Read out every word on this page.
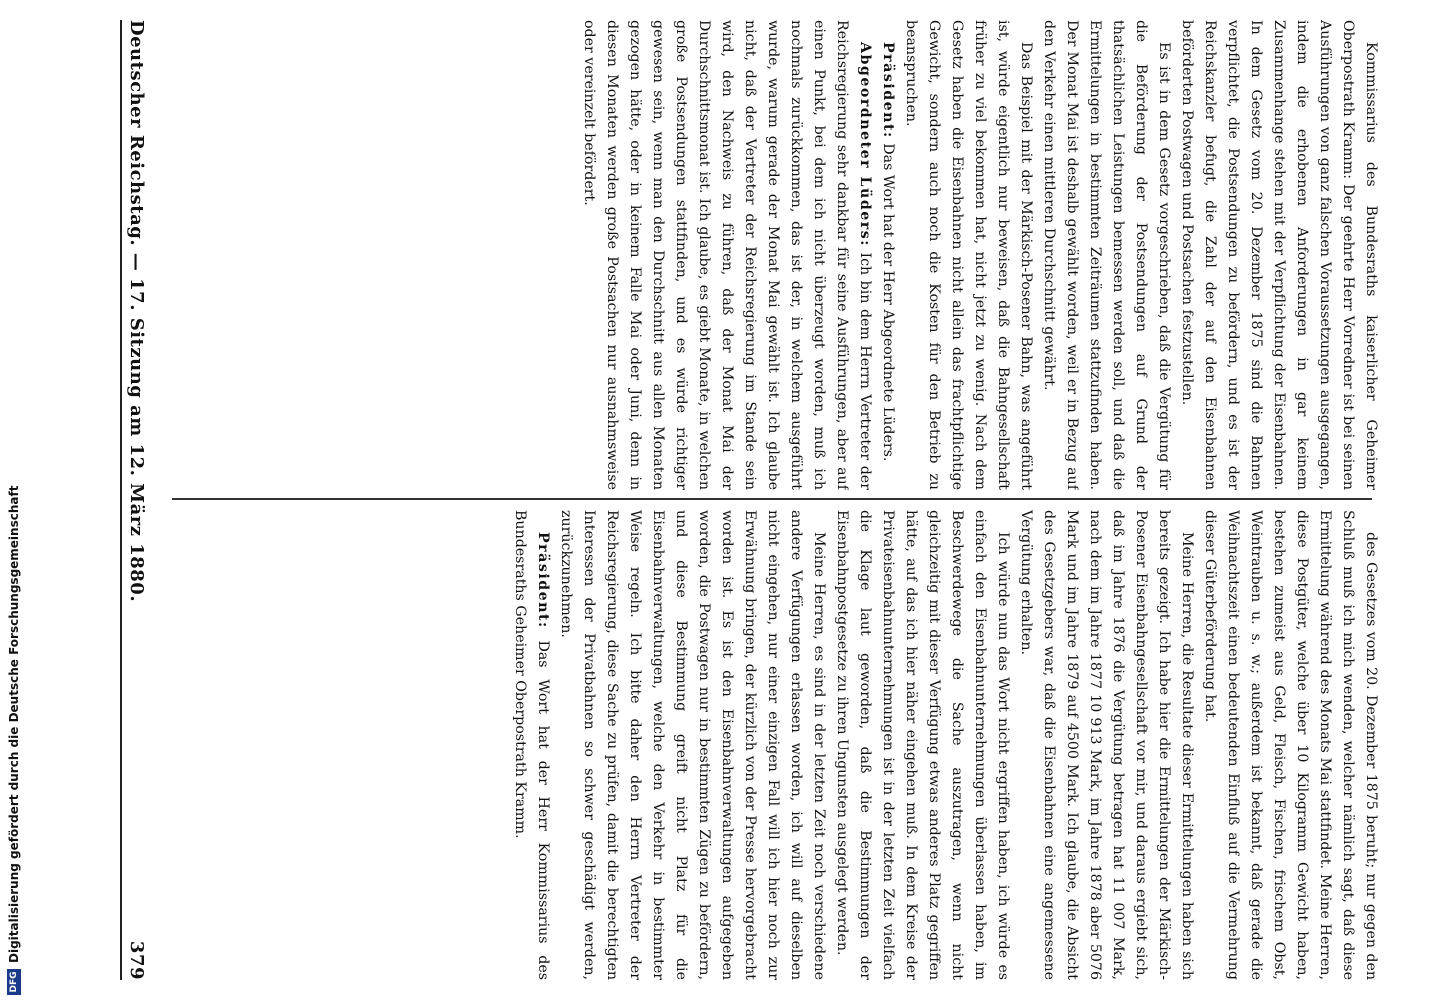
Deutscher Reichstag. — 17. Sitzung am 12. März 1880.
379

Kommissarius des Bundesraths kaiserlicher Geheimer Oberpostrath Kramm: Der geehrte Herr Vorredner ist bei seinen Ausführungen von ganz falschen Voraussetzungen ausgegangen, indem die erhobenen Anforderungen in gar keinem Zusammenhange stehen mit der Verpflichtung der Eisenbahnen. In dem Gesetz vom 20. Dezember 1875 sind die Bahnen verpflichtet, die Postsendungen zu befördern, und es ist der Reichskanzler befugt, die Zahl der auf den Eisenbahnen beförderten Postwagen und Postsachen festzustellen.

Es ist in dem Gesetz vorgeschrieben, daß die Vergütung für die Beförderung der Postsendungen auf Grund der thatsächlichen Leistungen bemessen werden soll, und daß die Ermittelungen in bestimmten Zeiträumen stattzufinden haben. Der Monat Mai ist deshalb gewählt worden, weil er in Bezug auf den Verkehr einen mittleren Durchschnitt gewährt.

Das Beispiel mit der Märkisch-Posener Bahn, was angeführt ist, würde eigentlich nur beweisen, daß die Bahngesellschaft früher zu viel bekommen hat, nicht jetzt zu wenig. Nach dem Gesetz haben die Eisenbahnen nicht allein das frachtpflichtige Gewicht, sondern auch noch die Kosten für den Betrieb zu beanspruchen.

Präsident: Das Wort hat der Herr Abgeordnete Lüders.

Abgeordneter Lüders: Ich bin dem Herrn Vertreter der Reichsregierung sehr dankbar für seine Ausführungen, aber auf einen Punkt, bei dem ich nicht überzeugt worden, muß ich nochmals zurückkommen, das ist der, in welchem ausgeführt wurde, warum gerade der Monat Mai gewählt ist. Ich glaube nicht, daß der Vertreter der Reichsregierung im Stande sein wird, den Nachweis zu führen, daß der Monat Mai der Durchschnittsmonat ist. Ich glaube, es giebt Monate, in welchen große Postsendungen stattfinden, und es würde richtiger gewesen sein, wenn man den Durchschnitt aus allen Monaten gezogen hätte, oder in keinem Falle Mai oder Juni, denn in diesen Monaten werden große Postsachen nur ausnahmsweise oder vereinzelt befördert.

des Gesetzes vom 20. Dezember 1875 beruht; nur gegen den Schluß muß ich mich wenden, welcher nämlich sagt, daß diese Ermittelung während des Monats Mai stattfindet. Meine Herren, diese Postgüter, welche über 10 Kilogramm Gewicht haben, bestehen zumeist aus Geld, Fleisch, Fischen, frischem Obst, Weintrauben u. s. w.; außerdem ist bekannt, daß gerade die Weihnachtszeit einen bedeutenden Einfluß auf die Vermehrung dieser Güterbeförderung hat.

Meine Herren, die Resultate dieser Ermittelungen haben sich bereits gezeigt. Ich habe hier die Ermittelungen der Märkisch-Posener Eisenbahngesellschaft vor mir, und daraus ergiebt sich, daß im Jahre 1876 die Vergütung betragen hat 11 007 Mark, nach dem im Jahre 1877 10 913 Mark, im Jahre 1878 aber 5076 Mark und im Jahre 1879 auf 4500 Mark. Ich glaube, die Absicht des Gesetzgebers war, daß die Eisenbahnen eine angemessene Vergütung erhalten.

Ich würde nun das Wort nicht ergriffen haben, ich würde es einfach den Eisenbahnunternehmungen überlassen haben, im Beschwerdewege die Sache auszutragen, wenn nicht gleichzeitig mit dieser Verfügung etwas anderes Platz gegriffen hätte, auf das ich hier näher eingehen muß. In dem Kreise der Privateisenbahnunternehmungen ist in der letzten Zeit vielfach die Klage laut geworden, daß die Bestimmungen der Eisenbahnpostgesetze zu ihren Ungunsten ausgelegt werden.

Meine Herren, es sind in der letzten Zeit noch verschiedene andere Verfügungen erlassen worden, ich will auf dieselben nicht eingehen, nur einer einzigen Fall will ich hier noch zur Erwähnung bringen, der kürzlich von der Presse hervorgebracht worden ist. Es ist den Eisenbahnverwaltungen aufgegeben worden, die Postwagen nur in bestimmten Zügen zu befördern, und diese Bestimmung greift nicht Platz für die Eisenbahnverwaltungen, welche den Verkehr in bestimmter Weise regeln. Ich bitte daher den Herrn Vertreter der Reichsregierung, diese Sache zu prüfen, damit die berechtigten Interessen der Privatbahnen so schwer geschädigt werden, zurückzunehmen.

Präsident: Das Wort hat der Herr Kommissarius des Bundesraths Geheimer Oberpostrath Kramm.

DFG
Digitalisierung gefördert durch die Deutsche Forschungsgemeinschaft
